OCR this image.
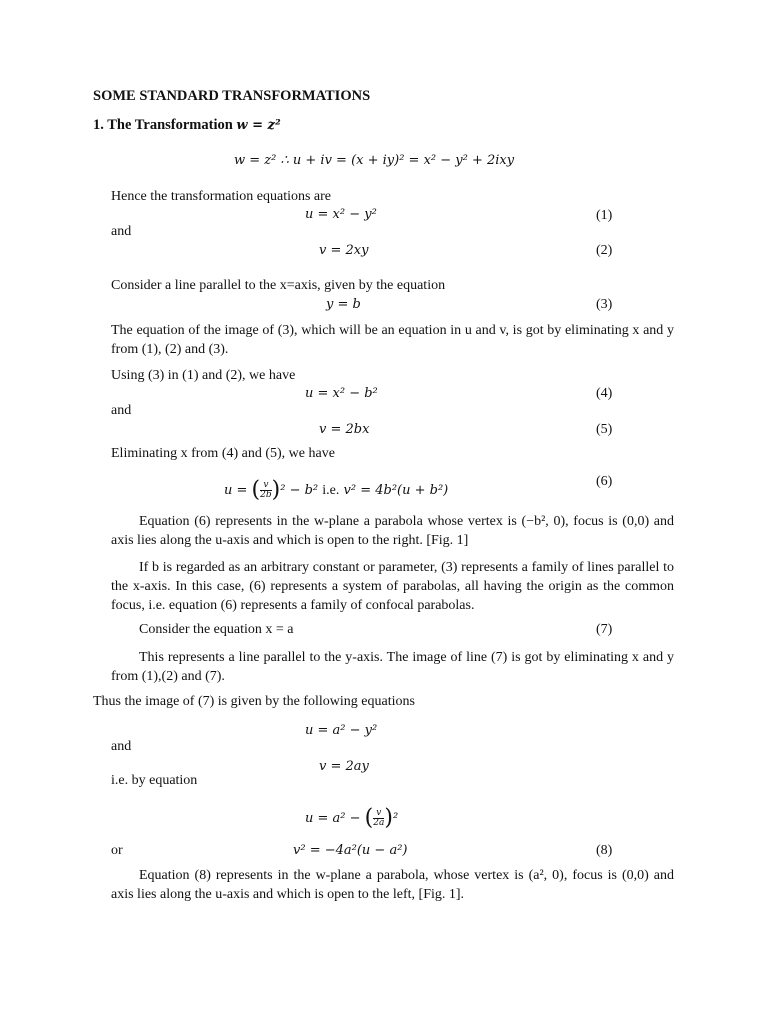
SOME STANDARD TRANSFORMATIONS
1. The Transformation w = z²
w = z² ∴ u + iv = (x + iy)² = x² − y² + 2ixy
Hence the transformation equations are
u = x² − y²	(1)
and
v = 2xy	(2)
Consider a line parallel to the x=axis, given by the equation
y = b	(3)
The equation of the image of (3), which will be an equation in u and v, is got by eliminating x and y from (1), (2) and (3).
Using (3) in (1) and (2), we have
u = x² − b²	(4)
and
v = 2bx	(5)
Eliminating x from (4) and (5), we have
u = ( $\frac{v}{2b} )^2 - b^2$ i.e. v² = 4b²(u + b²)
(6)
Equation (6) represents in the w-plane a parabola whose vertex is (−b², 0), focus is (0,0) and axis lies along the u-axis and which is open to the right. [Fig. 1]
If b is regarded as an arbitrary constant or parameter, (3) represents a family of lines parallel to the x-axis. In this case, (6) represents a system of parabolas, all having the origin as the common focus, i.e. equation (6) represents a family of confocal parabolas.
Consider the equation x = a	(7)
This represents a line parallel to the y-axis. The image of line (7) is got by eliminating x and y from (1),(2) and (7).
Thus the image of (7) is given by the following equations
u = a² − y²
and
v = 2ay
i.e. by equation
u = a² − ( $\frac{v}{2a} )^2$
or	v² = −4a²(u − a²)	(8)
Equation (8) represents in the w-plane a parabola, whose vertex is (a², 0), focus is (0,0) and axis lies along the u-axis and which is open to the left, [Fig. 1].
